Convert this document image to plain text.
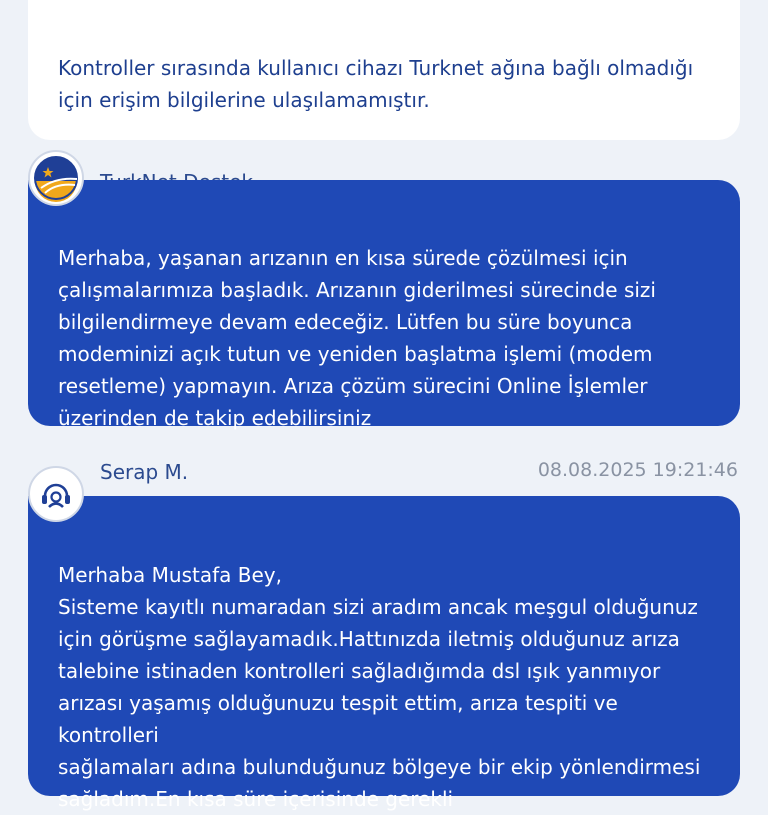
Kontroller sırasında kullanıcı cihazı Turknet ağına bağlı olmadığı için erişim bilgilerine ulaşılamamıştır.

Merhaba, yaşanan arızanın en kısa sürede çözülmesi için çalışmalarımıza başladık. Arızanın giderilmesi sürecinde sizi bilgilendirmeye devam edeceğiz. Lütfen bu süre boyunca modeminizi açık tutun ve yeniden başlatma işlemi (modem resetleme) yapmayın. Arıza çözüm sürecini Online İşlemler üzerinden de takip edebilirsiniz

Serap M.	08.08.2025 19:21:46

Merhaba Mustafa Bey,
Sisteme kayıtlı numaradan sizi aradım ancak meşgul olduğunuz için görüşme sağlayamadık.Hattınızda iletmiş olduğunuz arıza talebine istinaden kontrolleri sağladığımda dsl ışık yanmıyor arızası yaşamış olduğunuzu tespit ettim, arıza tespiti ve kontrolleri
sağlamaları adına bulunduğunuz bölgeye bir ekip yönlendirmesi sağladım.En kısa süre içerisinde gerekli
